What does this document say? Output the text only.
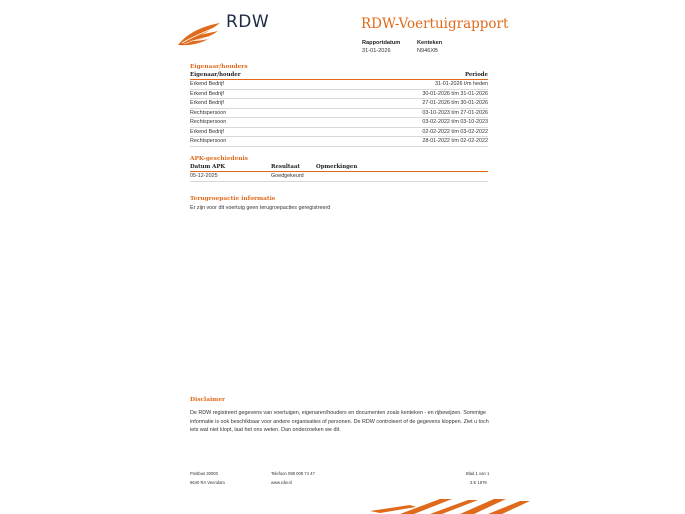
RDW	RDW-Voertuigrapport
Rapportdatum
31-01-2026
Kenteken
N946XB
Eigenaar/houders
Eigenaar/houder	Periode
Erkend Bedrijf	31-01-2026 t/m heden
Erkend Bedrijf	30-01-2026 t/m 31-01-2026
Erkend Bedrijf	27-01-2026 t/m 30-01-2026
Rechtspersoon	03-10-2023 t/m 27-01-2026
Rechtspersoon	03-02-2022 t/m 03-10-2023
Erkend Bedrijf	02-02-2022 t/m 03-02-2022
Rechtspersoon	28-01-2022 t/m 02-02-2022
APK-geschiedenis
Datum APK	Resultaat	Opmerkingen
05-12-2025	Goedgekeurd
Terugroepactie informatie
Er zijn voor dit voertuig geen terugroepacties geregistreerd
Disclaimer
De RDW registreert gegevens van voertuigen, eigenaren/houders en documenten zoals kenteken - en rijbewijzen. Sommige informatie is ook beschikbaar voor andere organisaties of personen. De RDW controleert of de gegevens kloppen. Ziet u toch iets wat niet klopt, laat het ons weten. Dan onderzoeken we dit.
Postbus 30000
9640 RA Veendam
Telefoon 088 008 74 47
www.rdw.nl
Blad 1 van 1
3 E 1879
